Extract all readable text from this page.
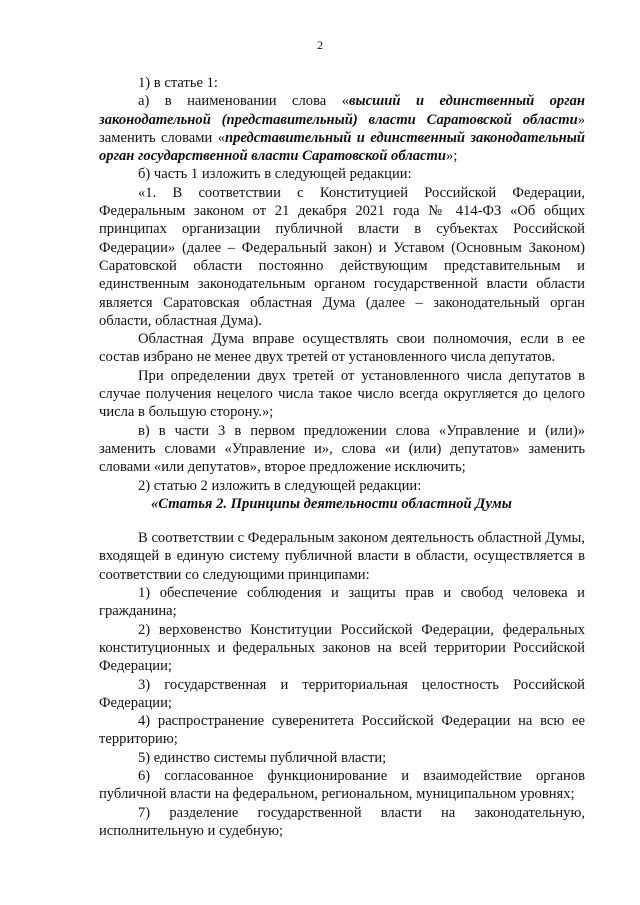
2

1) в статье 1:

а) в наименовании слова «высший и единственный орган законодательной (представительный) власти Саратовской области» заменить словами «представительный и единственный законодательный орган государственной власти Саратовской области»;

б) часть 1 изложить в следующей редакции:

«1. В соответствии с Конституцией Российской Федерации, Федеральным законом от 21 декабря 2021 года № 414-ФЗ «Об общих принципах организации публичной власти в субъектах Российской Федерации» (далее – Федеральный закон) и Уставом (Основным Законом) Саратовской области постоянно действующим представительным и единственным законодательным органом государственной власти области является Саратовская областная Дума (далее – законодательный орган области, областная Дума).

Областная Дума вправе осуществлять свои полномочия, если в ее состав избрано не менее двух третей от установленного числа депутатов.

При определении двух третей от установленного числа депутатов в случае получения нецелого числа такое число всегда округляется до целого числа в большую сторону.»;

в) в части 3 в первом предложении слова «Управление и (или)» заменить словами «Управление и», слова «и (или) депутатов» заменить словами «или депутатов», второе предложение исключить;

2) статью 2 изложить в следующей редакции:

«Статья 2. Принципы деятельности областной Думы

В соответствии с Федеральным законом деятельность областной Думы, входящей в единую систему публичной власти в области, осуществляется в соответствии со следующими принципами:

1) обеспечение соблюдения и защиты прав и свобод человека и гражданина;

2) верховенство Конституции Российской Федерации, федеральных конституционных и федеральных законов на всей территории Российской Федерации;

3) государственная и территориальная целостность Российской Федерации;

4) распространение суверенитета Российской Федерации на всю ее территорию;

5) единство системы публичной власти;

6) согласованное функционирование и взаимодействие органов публичной власти на федеральном, региональном, муниципальном уровнях;

7) разделение государственной власти на законодательную, исполнительную и судебную;
